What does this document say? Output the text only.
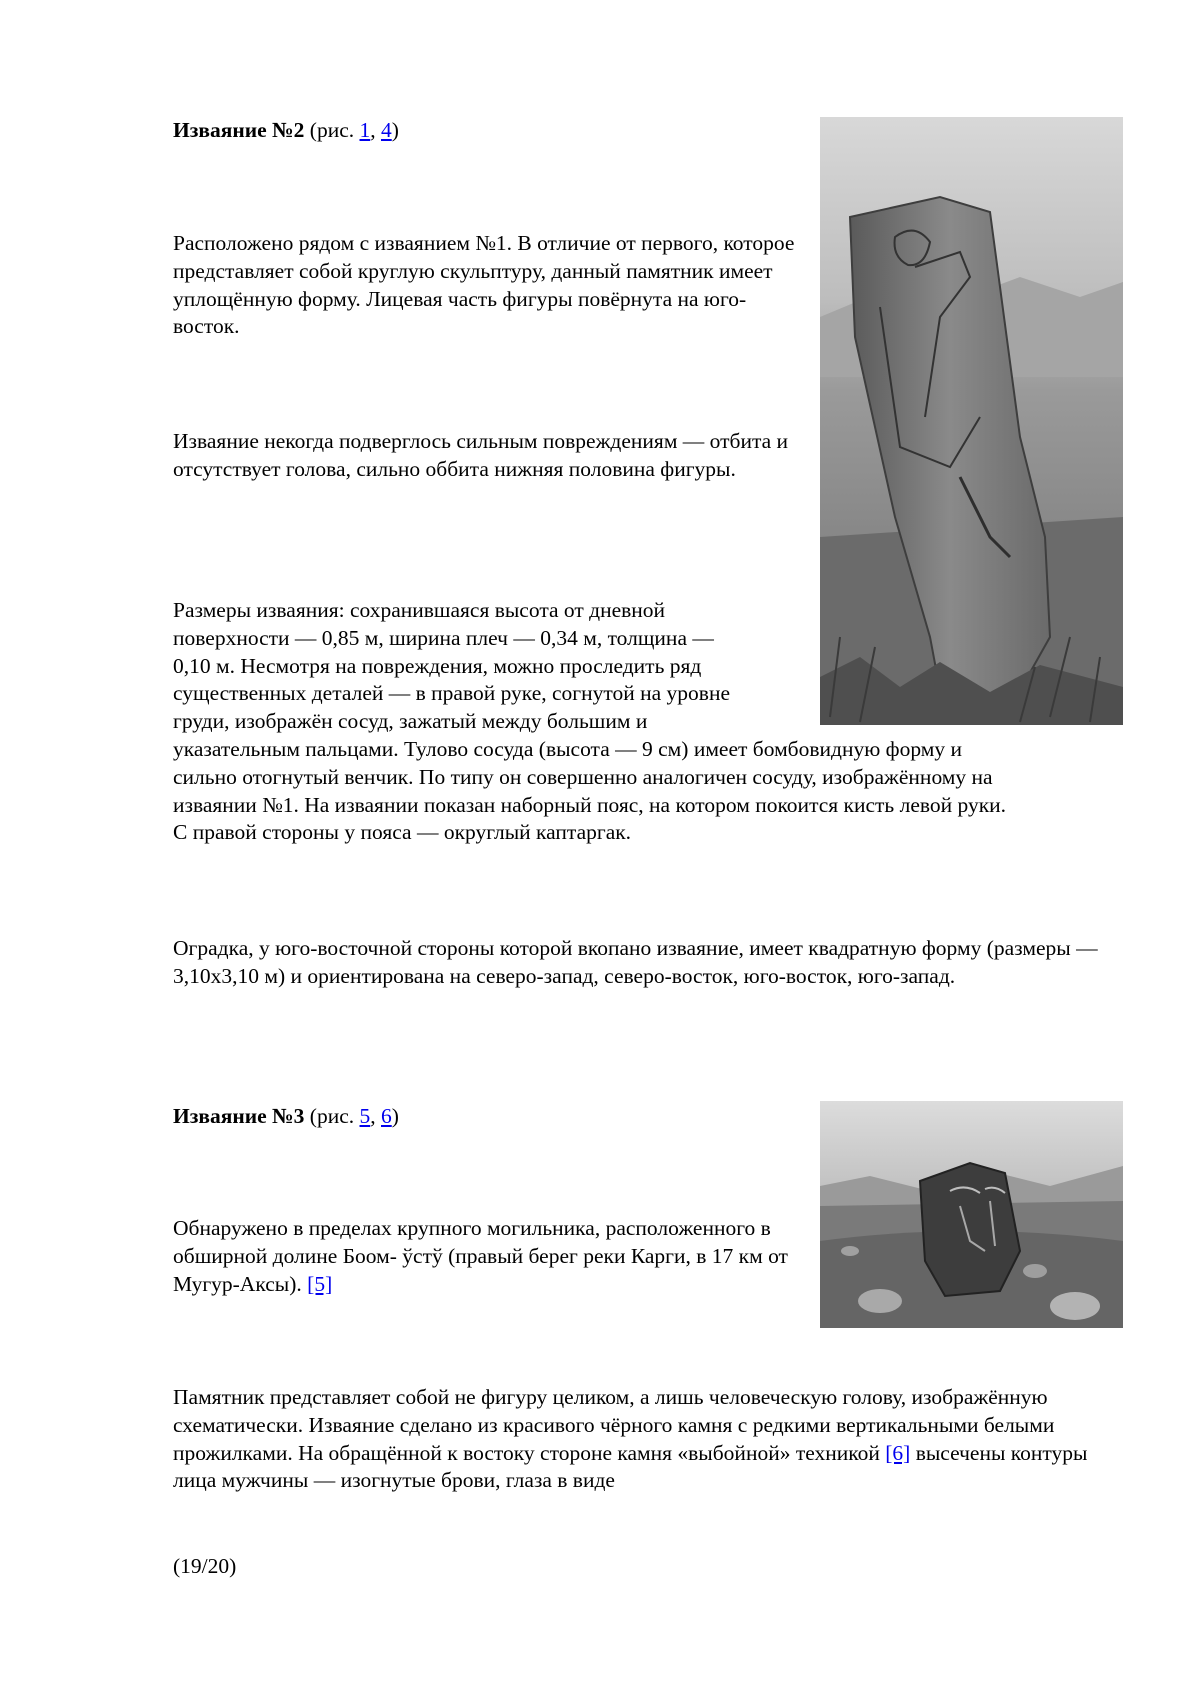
Изваяние №2 (рис. 1, 4)

Расположено рядом с изваянием №1. В отличие от первого, которое представляет собой круглую скульптуру, данный памятник имеет уплощённую форму. Лицевая часть фигуры повёрнута на юго-восток.

Изваяние некогда подверглось сильным повреждениям — отбита и отсутствует голова, сильно оббита нижняя половина фигуры.

Размеры изваяния: сохранившаяся высота от дневной
поверхности — 0,85 м, ширина плеч — 0,34 м, толщина —
0,10 м. Несмотря на повреждения, можно проследить ряд
существенных деталей — в правой руке, согнутой на уровне
груди, изображён сосуд, зажатый между большим и
указательным пальцами. Тулово сосуда (высота — 9 см) имеет бомбовидную форму и
сильно отогнутый венчик. По типу он совершенно аналогичен сосуду, изображённому на
изваянии №1. На изваянии показан наборный пояс, на котором покоится кисть левой руки.
С правой стороны у пояса — округлый каптаргак.

Оградка, у юго-восточной стороны которой вкопано изваяние, имеет квадратную форму (размеры — 3,10х3,10 м) и ориентирована на северо-запад, северо-восток, юго-восток, юго-запад.

Изваяние №3 (рис. 5, 6)

Обнаружено в пределах крупного могильника, расположенного в обширной долине Боом- ўстў (правый берег реки Карги, в 17 км от Мугур-Аксы). [5]

Памятник представляет собой не фигуру целиком, а лишь человеческую голову, изображённую схематически. Изваяние сделано из красивого чёрного камня с редкими вертикальными белыми прожилками. На обращённой к востоку стороне камня «выбойной» техникой [6] высечены контуры лица мужчины — изогнутые брови, глаза в виде

(19/20)
